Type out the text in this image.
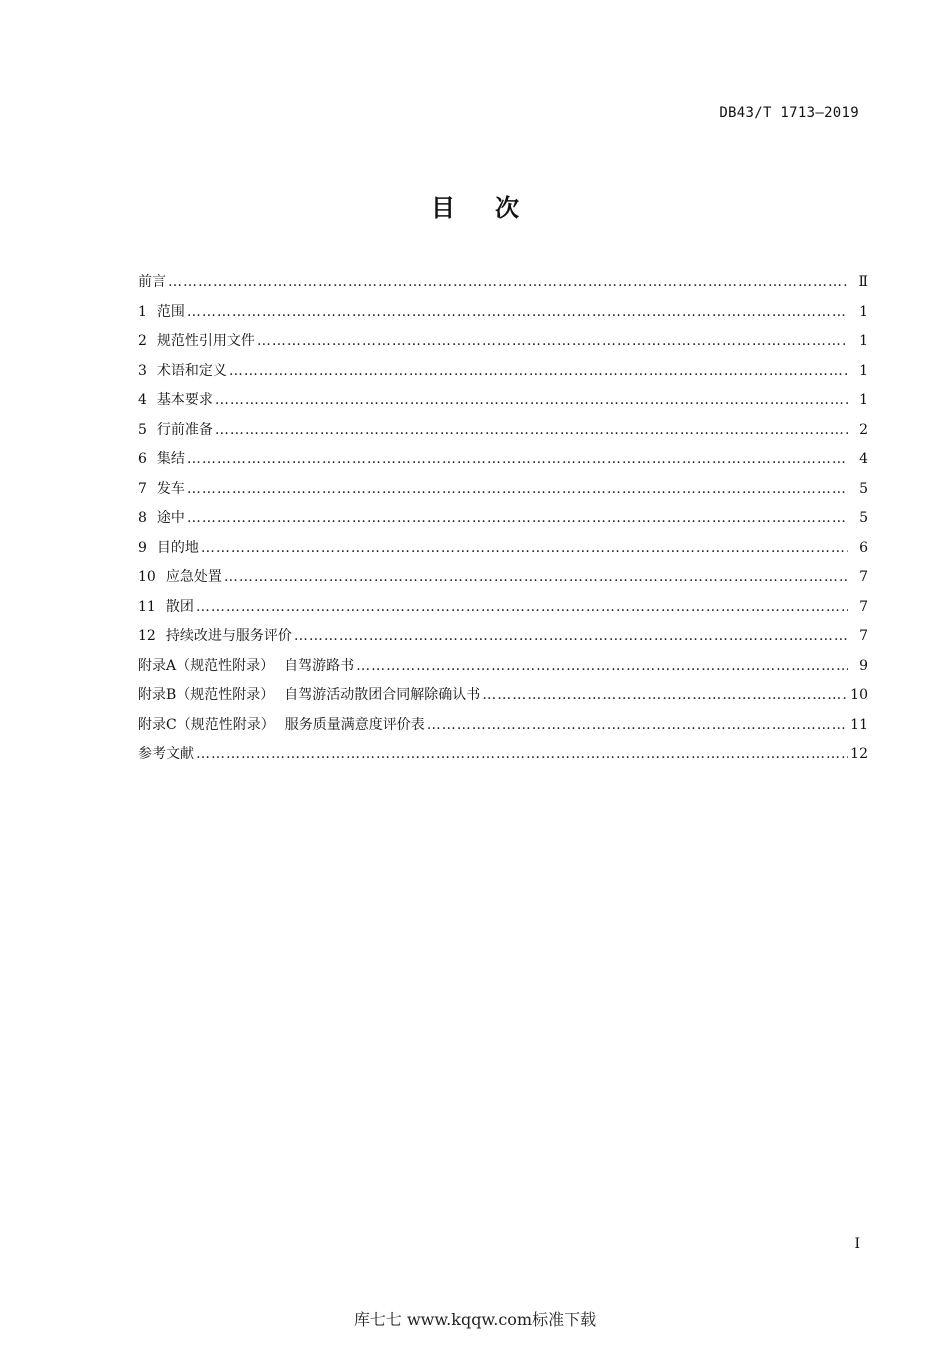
DB43/T 1713—2019
目 次
前言 ……………………………………………………………………………………………………………………………………………………………………………………………………………………	Ⅱ
1 范围 ……………………………………………………………………………………………………………………………………………………………………………………………………………………	1
2 规范性引用文件 ……………………………………………………………………………………………………………………………………………………………………………………………………………………	1
3 术语和定义 ……………………………………………………………………………………………………………………………………………………………………………………………………………………	1
4 基本要求 ……………………………………………………………………………………………………………………………………………………………………………………………………………………	1
5 行前准备 ……………………………………………………………………………………………………………………………………………………………………………………………………………………	2
6 集结 ……………………………………………………………………………………………………………………………………………………………………………………………………………………	4
7 发车 ……………………………………………………………………………………………………………………………………………………………………………………………………………………	5
8 途中 ……………………………………………………………………………………………………………………………………………………………………………………………………………………	5
9 目的地 ……………………………………………………………………………………………………………………………………………………………………………………………………………………	6
10 应急处置 ……………………………………………………………………………………………………………………………………………………………………………………………………………………	7
11 散团 ……………………………………………………………………………………………………………………………………………………………………………………………………………………	7
12 持续改进与服务评价 ……………………………………………………………………………………………………………………………………………………………………………………………………………………	7
附录A（规范性附录） 自驾游路书 ……………………………………………………………………………………………………………………………………………………………………………………………………………………	9
附录B（规范性附录） 自驾游活动散团合同解除确认书 ……………………………………………………………………………………………………………………………………………………………………………………………………………………	10
附录C（规范性附录） 服务质量满意度评价表 ……………………………………………………………………………………………………………………………………………………………………………………………………………………	11
参考文献 ……………………………………………………………………………………………………………………………………………………………………………………………………………………	12
I
库七七 www.kqqw.com标准下载
